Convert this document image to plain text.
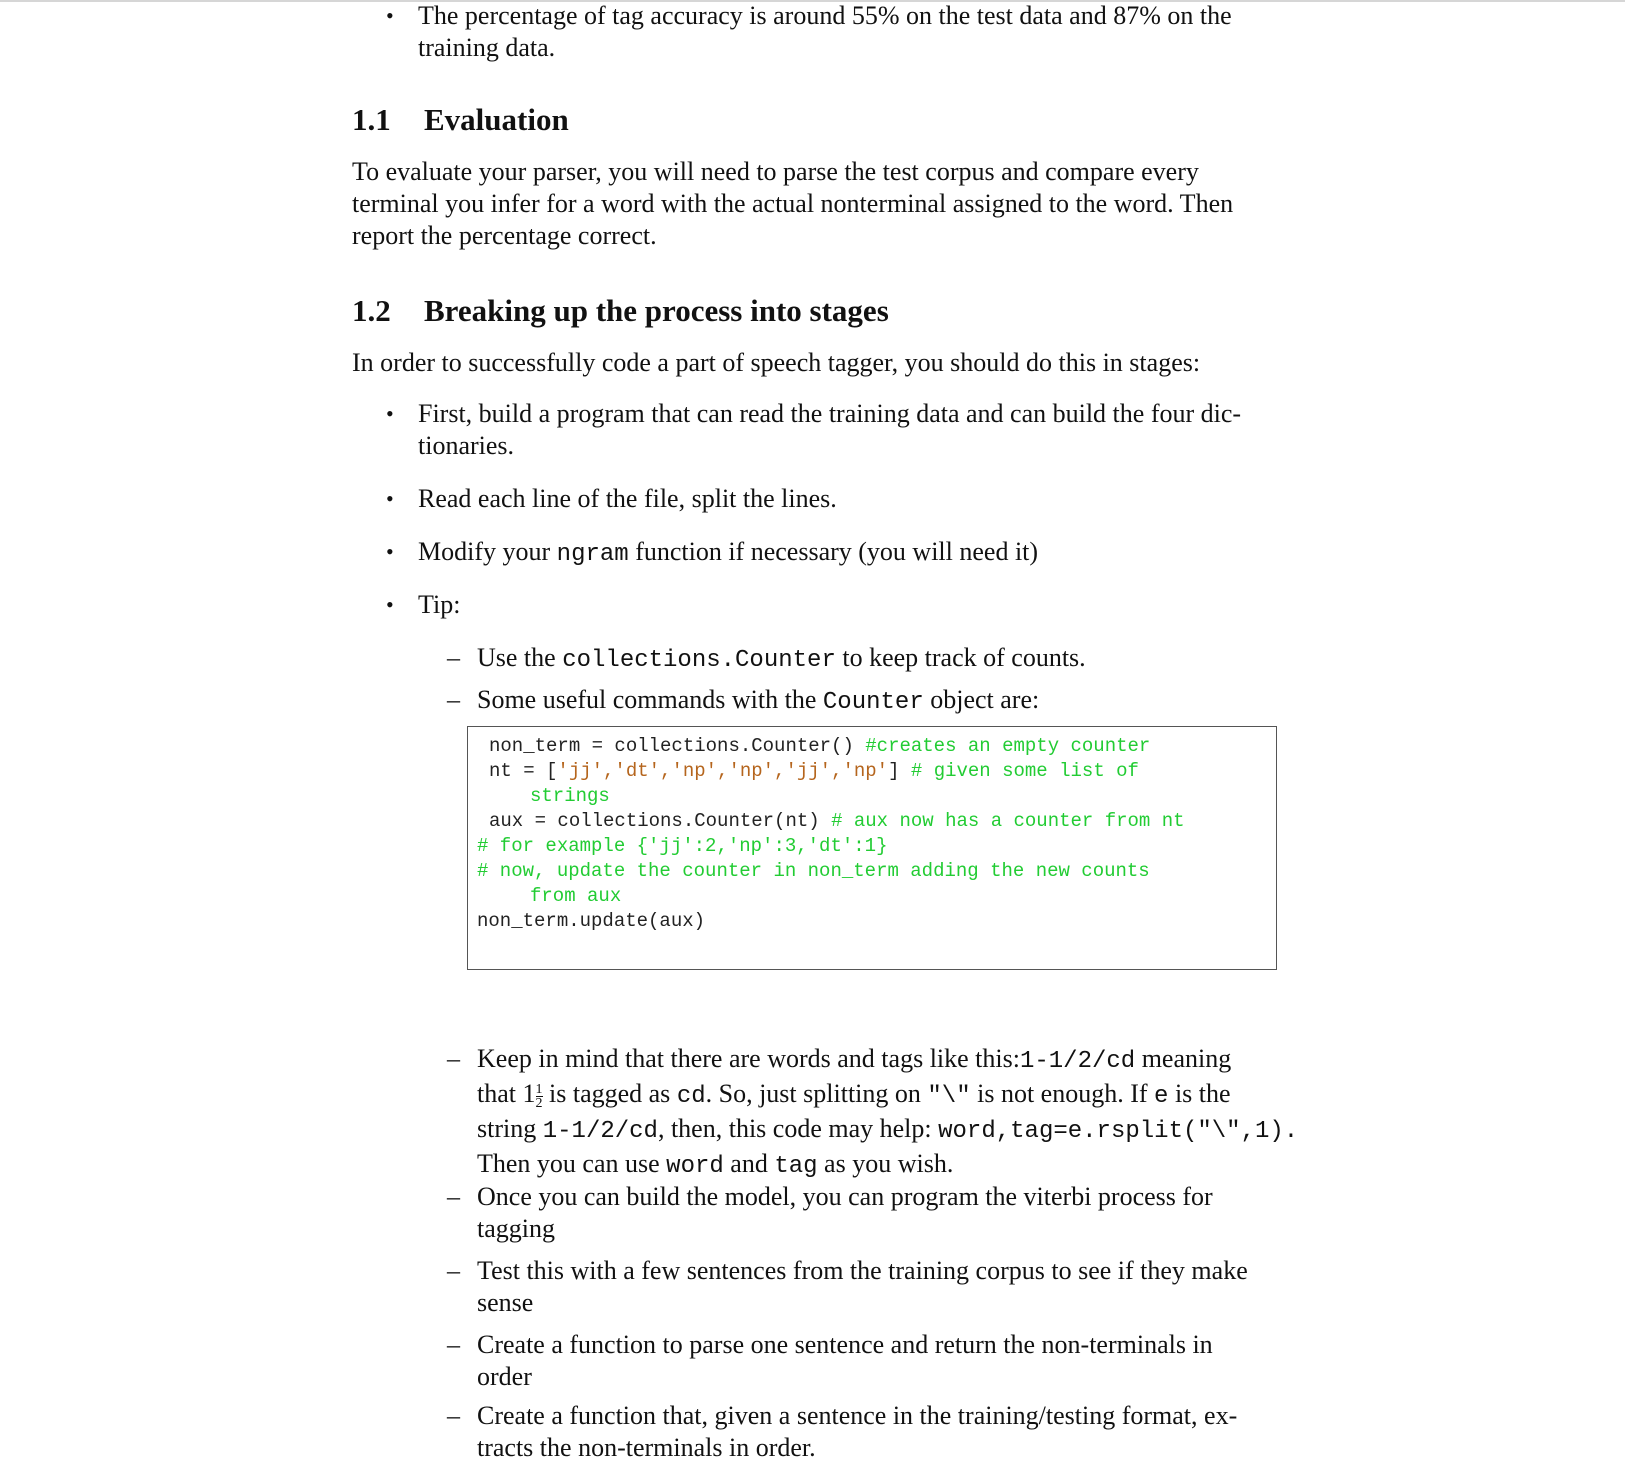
• The percentage of tag accuracy is around 55% on the test data and 87% on the
training data.
1.1 Evaluation
To evaluate your parser, you will need to parse the test corpus and compare every
terminal you infer for a word with the actual nonterminal assigned to the word. Then
report the percentage correct.
1.2 Breaking up the process into stages
In order to successfully code a part of speech tagger, you should do this in stages:
• First, build a program that can read the training data and can build the four dic-
tionaries.
• Read each line of the file, split the lines.
• Modify your ngram function if necessary (you will need it)
• Tip:
– Use the collections.Counter to keep track of counts.
– Some useful commands with the Counter object are:
non_term = collections.Counter() #creates an empty counter
nt = ['jj','dt','np','np','jj','np'] # given some list of
strings
aux = collections.Counter(nt) # aux now has a counter from nt
# for example {'jj':2,'np':3,'dt':1}
# now, update the counter in non_term adding the new counts
from aux
non_term.update(aux)
– Keep in mind that there are words and tags like this:1-1/2/cd meaning
that $1 \frac{1}{2}$ is tagged as cd. So, just splitting on "\" is not enough. If e is the
string 1-1/2/cd, then, this code may help: word,tag=e.rsplit("\",1).
Then you can use word and tag as you wish.
– Once you can build the model, you can program the viterbi process for
tagging
– Test this with a few sentences from the training corpus to see if they make
sense
– Create a function to parse one sentence and return the non-terminals in
order
– Create a function that, given a sentence in the training/testing format, ex-
tracts the non-terminals in order.
